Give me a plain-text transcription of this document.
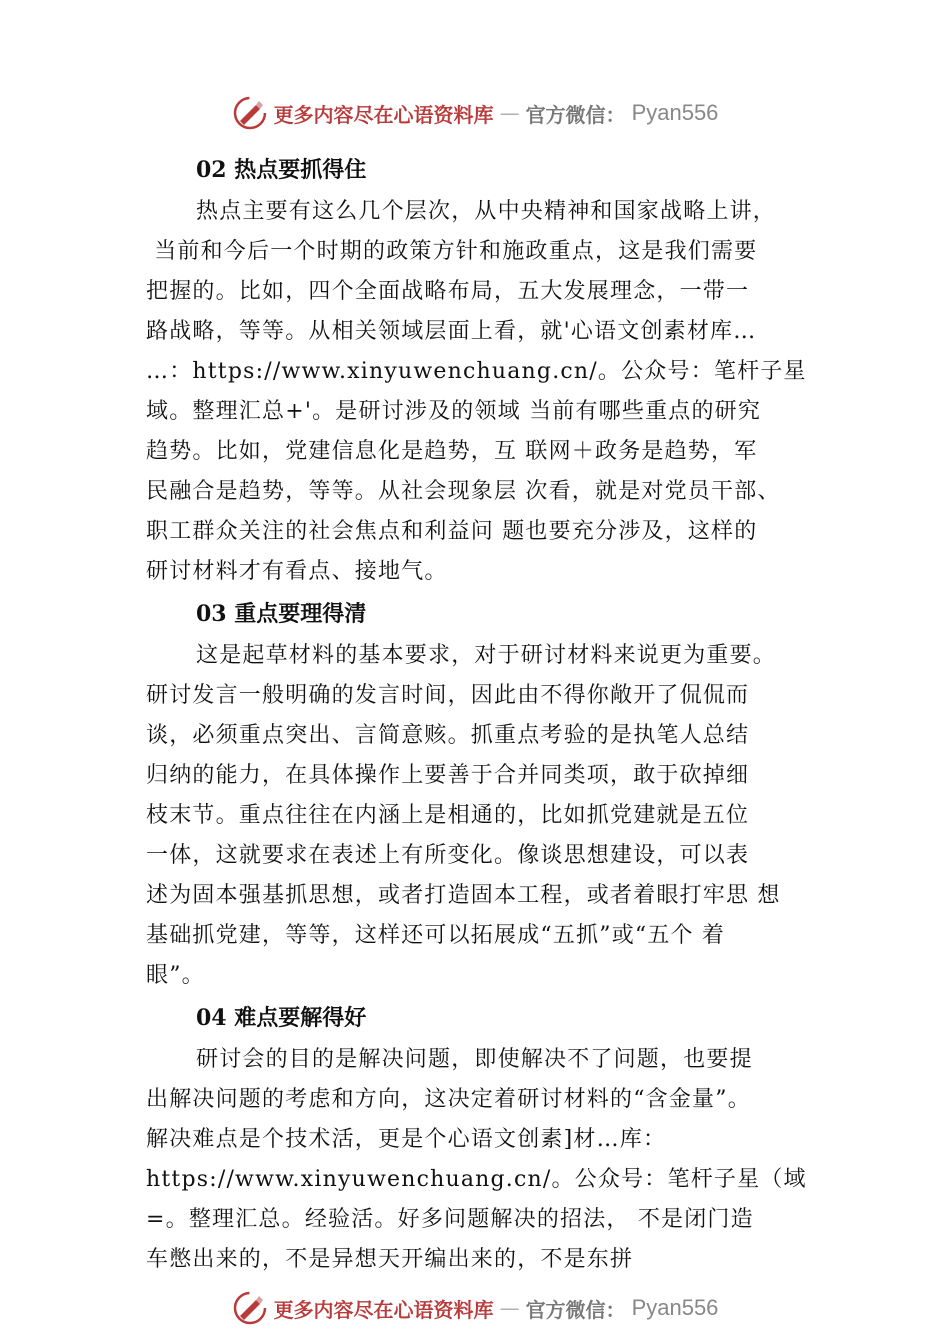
更多内容尽在心语资料库 — 官方微信： Pyan556
02 热点要抓得住
热点主要有这么几个层次，从中央精神和国家战略上讲，
当前和今后一个时期的政策方针和施政重点，这是我们需要
把握的。比如，四个全面战略布局，五大发展理念，一带一
路战略，等等。从相关领域层面上看，就'心语文创素材库…
…：https://www.xinyuwenchuang.cn/。公众号：笔杆子星
域。整理汇总+'。是研讨涉及的领域 当前有哪些重点的研究
趋势。比如，党建信息化是趋势，互 联网＋政务是趋势，军
民融合是趋势，等等。从社会现象层 次看，就是对党员干部、
职工群众关注的社会焦点和利益问 题也要充分涉及，这样的
研讨材料才有看点、接地气。
03 重点要理得清
这是起草材料的基本要求，对于研讨材料来说更为重要。
研讨发言一般明确的发言时间，因此由不得你敞开了侃侃而
谈，必须重点突出、言简意赅。抓重点考验的是执笔人总结
归纳的能力，在具体操作上要善于合并同类项，敢于砍掉细
枝末节。重点往往在内涵上是相通的，比如抓党建就是五位
一体，这就要求在表述上有所变化。像谈思想建设，可以表
述为固本强基抓思想，或者打造固本工程，或者着眼打牢思 想
基础抓党建，等等，这样还可以拓展成“五抓”或“五个 着
眼”。
04 难点要解得好
研讨会的目的是解决问题，即使解决不了问题，也要提
出解决问题的考虑和方向，这决定着研讨材料的“含金量”。
解决难点是个技术活，更是个心语文创素]材…库：
https://www.xinyuwenchuang.cn/。公众号：笔杆子星（域
=。整理汇总。经验活。好多问题解决的招法， 不是闭门造
车憋出来的，不是异想天开编出来的，不是东拼
更多内容尽在心语资料库 — 官方微信： Pyan556
